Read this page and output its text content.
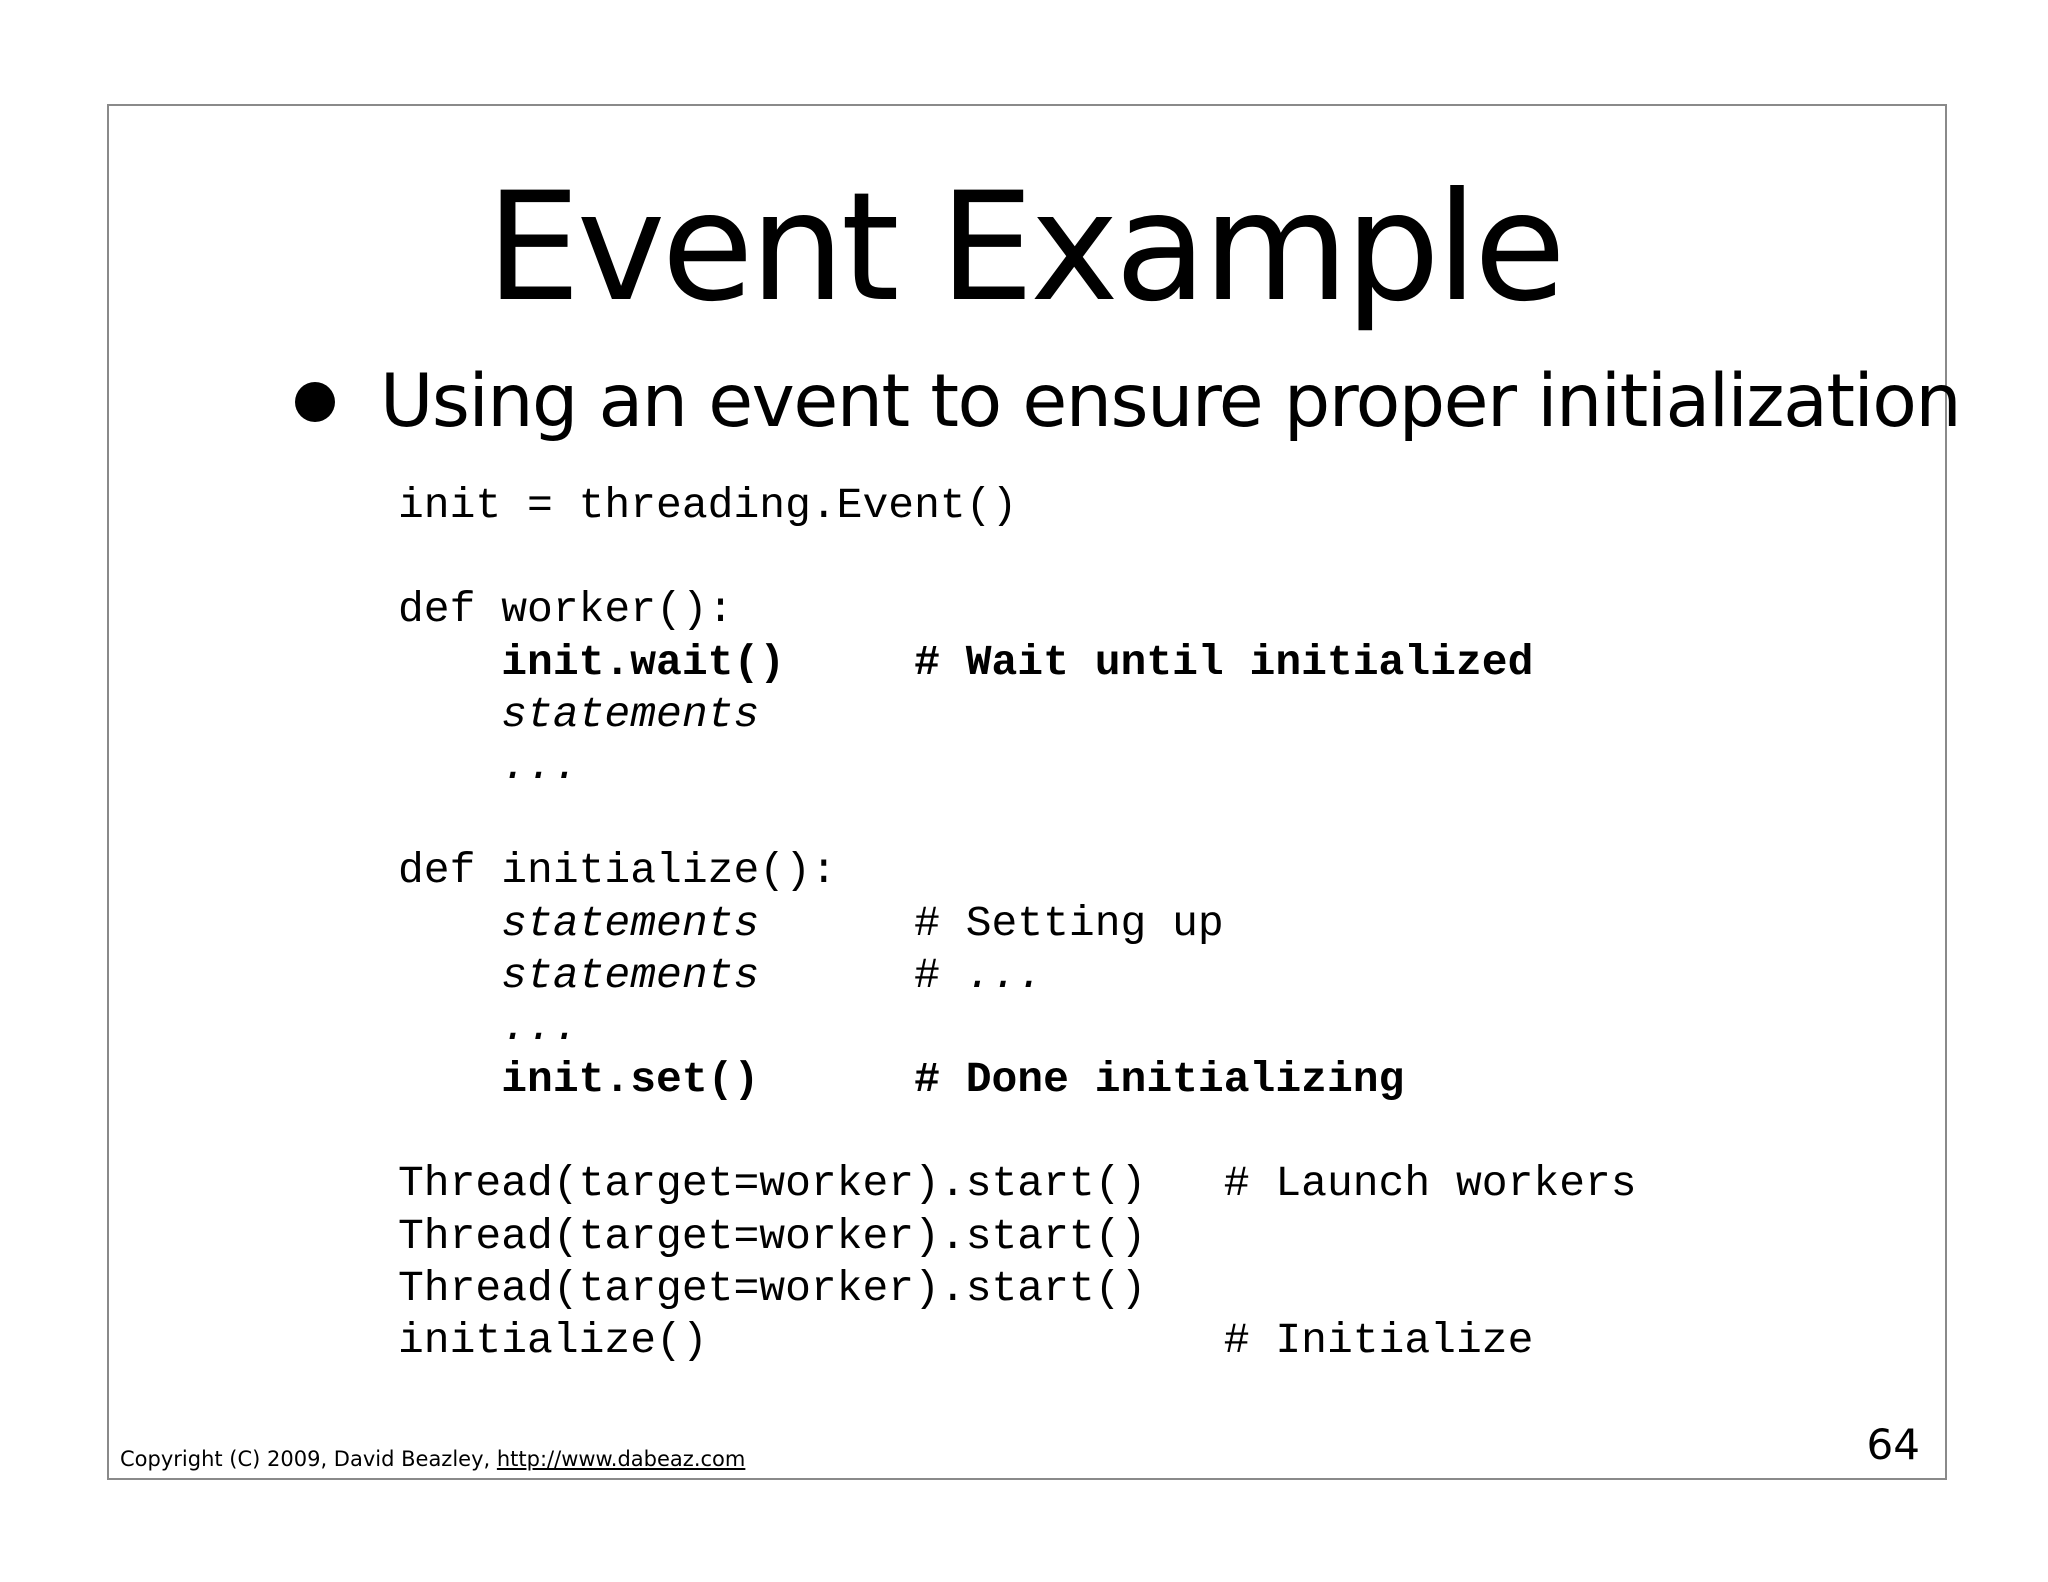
Event Example
Using an event to ensure proper initialization
init = threading.Event()

def worker():
init.wait()     # Wait until initialized
statements
...

def initialize():
statements      # Setting up
statements      # ...
...
init.set()      # Done initializing

Thread(target=worker).start()   # Launch workers
Thread(target=worker).start()
Thread(target=worker).start()
initialize()                    # Initialize
Copyright (C) 2009, David Beazley, http://www.dabeaz.com	64
